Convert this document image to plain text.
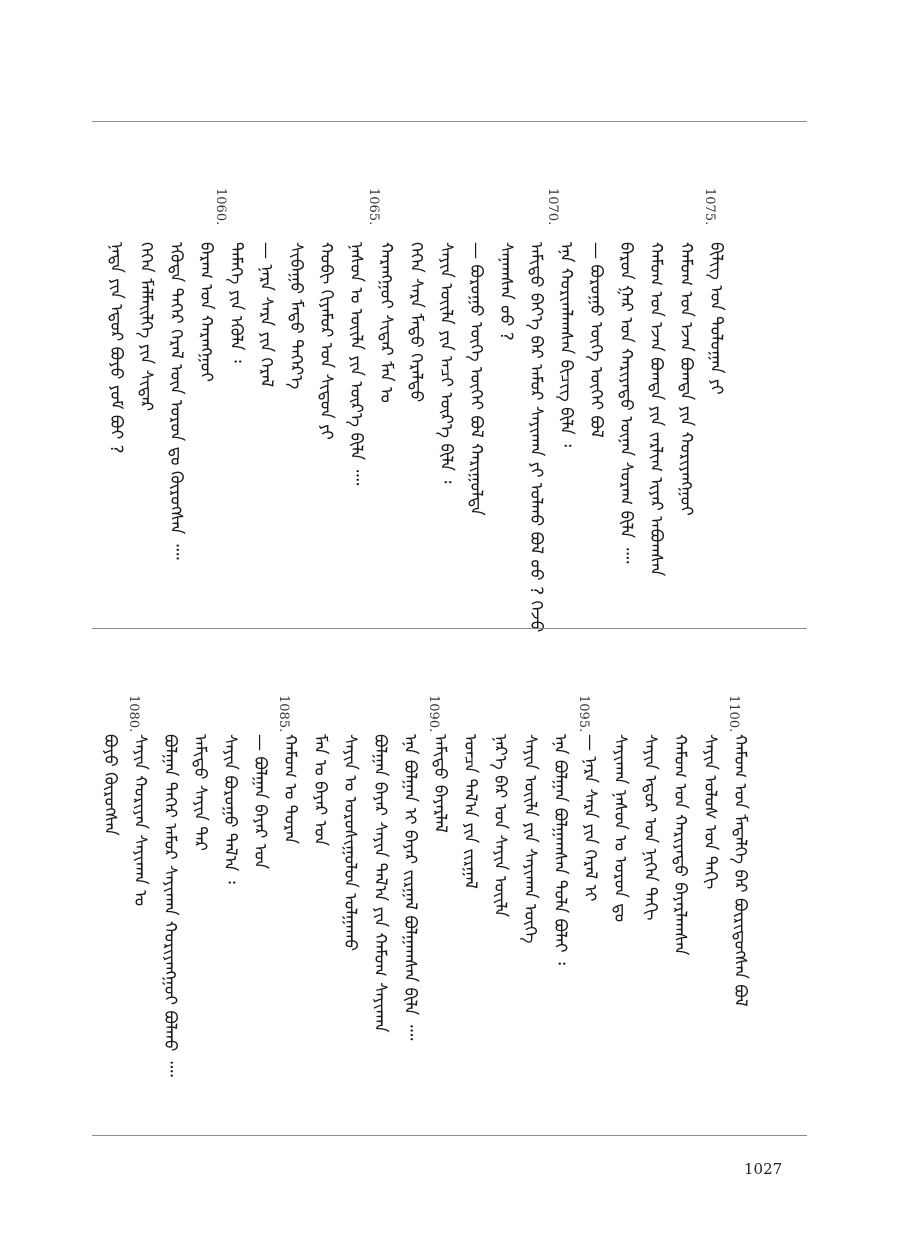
1075.
1070.
1065.
1060.
ᠪᠢᠯᠢᠭ ᠤᠨ ᠳᠣᠯᠣᠭᠠᠨ ᠶᠢ
ᠬᠠᠮᠤᠭ ᠤᠨ ᠡᠵᠡᠨ ᠪᠣᠭᠳᠠ ᠶᠢᠨ ᠬᠤᠷᠢᠶᠠᠩᠭᠤᠢ
ᠬᠠᠮᠤᠭ ᠤᠨ ᠡᠵᠡᠨ ᠪᠣᠭᠳᠠ ᠶᠢᠨ ᠵᠠᠷᠯᠢᠭ ᠢᠶᠠᠷ ᠠᠪᠤᠭᠰᠠᠨ
ᠪᠠᠷᠤᠨ ᠭᠠᠷ ᠤᠨ ᠬᠠᠷᠢᠶᠠᠲᠤ ᠦᠨᠡᠨ ᠰᠤᠷᠠᠭ ᠪᠢᠯᠡ ᠁
— ᠪᠤᠷᠤᠭᠤ ᠦᠭᠡ ᠦᠭᠡᠢ ᠪᠣᠯ
ᠡᠨᠡ ᠬᠣᠷᠢᠭᠯᠠᠭᠰᠠᠨ ᠪᠢᠴᠢᠭ ᠪᠢᠯᠡ ᠄
ᠠᠮᠢᠳᠤ ᠪᠡᠶ᠎ᠡ ᠪᠡᠷ ᠠᠮᠤᠷ ᠰᠠᠶᠢᠬᠠᠨ ᠶᠢ ᠣᠯᠬᠤ ᠪᠣᠯ ᠤᠤ ? ᠭᠡᠵᠦ
ᠰᠠᠨᠠᠭᠰᠠᠨ ᠤᠤ ?
— ᠪᠤᠷᠤᠭᠤ ᠦᠭᠡ ᠦᠭᠡᠢ ᠪᠣᠯ ᠬᠠᠷᠢᠭᠤᠯᠲᠠ
ᠰᠠᠶᠢᠨ ᠦᠢᠯᠡ ᠶᠢᠨ ᠠᠴᠢ ᠦᠷ᠎ᠡ ᠪᠢᠯᠡ ᠄
ᠭᠡᠭᠡᠨ ᠰᠠᠷᠠ ᠮᠡᠲᠦ ᠭᠡᠷᠡᠯᠲᠦ
ᠬᠠᠷᠠᠩᠭᠤᠢ ᠰᠢᠳᠠᠷ ᠮᠠᠨ ᠤ
ᠨᠠᠰᠤᠨ ᠤ ᠦᠢᠯᠡ ᠶᠢᠨ ᠦᠷ᠎ᠡ ᠪᠢᠯᠡ ᠁
ᠬᠤᠪᠢ ᠬᠢᠶᠠᠮᠤᠷ ᠤᠨ ᠰᠢᠳᠦᠨ ᠶᠢ
ᠰᠢᠪᠠᠭᠤ ᠮᠡᠲᠦ ᠳᠡᠭᠡᠷ᠎ᠡ
— ᠨᠠᠷᠠ ᠰᠠᠷᠠ ᠶᠢᠨ ᠭᠡᠷᠡᠯ
ᠲᠡᠮᠡᠭᠡ ᠶᠢᠨ ᠡᠭᠦᠯᠡ ᠄
ᠪᠠᠷᠠᠭ ᠤᠨ ᠬᠠᠷᠠᠩᠭᠤᠢ
ᠡᠭᠦᠳᠡ ᠲᠡᠭᠡᠷ ᠭᠡᠷᠡᠯ ᠦᠨ ᠣᠷᠣᠨ ᠳᠤ ᠬᠦᠷᠦᠭᠰᠡᠨ ᠁
ᠭᠡᠭᠡᠨ ᠮᠡᠯᠮᠡᠢᠯᠭᠡ ᠶᠢᠨ ᠰᠢᠳᠠᠷ
ᠨᠠᠳᠠ ᠶᠢᠨ ᠡᠳᠦᠷ ᠪᠤᠶᠤ ᠶᠤᠮ ᠪᠤᠢ ?
1100.
1095.
1090.
1085.
1080.
ᠬᠠᠮᠤᠭ ᠤᠨ ᠮᠡᠳᠡᠯᠭᠡ ᠪᠠᠷ ᠪᠦᠷᠢᠳᠦᠭᠰᠡᠨ ᠪᠣᠯ
ᠰᠠᠶᠢᠨ ᠤᠯᠤᠰ ᠤᠨ ᠲᠡᠬᠢ
ᠬᠠᠮᠤᠭ ᠤᠨ ᠬᠠᠷᠢᠶᠠᠲᠤ ᠪᠠᠶᠠᠷᠯᠠᠭᠰᠠᠨ
ᠰᠠᠶᠢᠨ ᠡᠳᠦᠷ ᠤᠨ ᠨᠢᠭᠡᠨ ᠲᠡᠬᠢ
ᠰᠠᠶᠢᠬᠠᠨ ᠨᠠᠰᠤᠨ ᠤ ᠣᠷᠣᠨ ᠳᠤ
— ᠨᠠᠷᠠ ᠰᠠᠷᠠ ᠶᠢᠨ ᠭᠡᠷᠡᠯ ᠢ
ᠡᠨᠡ ᠪᠣᠯᠭᠠᠨ ᠪᠣᠯᠭᠠᠭᠰᠠᠨ ᠲᠤᠯᠠ ᠪᠣᠯᠠᠢ ᠄
ᠰᠠᠶᠢᠨ ᠦᠢᠯᠡ ᠶᠢᠨ ᠰᠠᠶᠢᠬᠠᠨ ᠦᠭᠡ
ᠨᠡᠷ᠎ᠡ ᠪᠠᠷ ᠤᠨ ᠰᠠᠶᠢᠨ ᠦᠢᠯᠡ
ᠣᠨᠴᠠ ᠲᠠᠯ᠎ᠠ ᠶᠢᠨ ᠵᠢᠷᠭᠠᠯ
ᠠᠮᠢᠳᠤ ᠪᠠᠶᠠᠷᠯᠠᠯ
ᠡᠨᠡ ᠪᠣᠯᠭᠠᠨ ᠢ ᠪᠠᠶᠠᠷ ᠵᠢᠷᠭᠠᠯ ᠪᠣᠯᠭᠠᠭᠰᠠᠨ ᠪᠢᠯᠡ ᠁
ᠪᠣᠯᠭᠠᠨ ᠪᠠᠶᠠᠷ ᠰᠠᠶᠢᠨ ᠲᠠᠯ᠎ᠠ ᠶᠢᠨ ᠬᠠᠮᠤᠭ ᠰᠠᠶᠢᠬᠠᠨ
ᠰᠠᠶᠢᠨ ᠤ ᠣᠷᠣᠰᠢᠭᠤᠯᠤᠨ ᠣᠯᠭᠠᠬᠤ
ᠮᠠᠨ ᠤ ᠪᠠᠶᠠᠷ ᠤᠨ
ᠬᠠᠮᠤᠭ ᠤ ᠳᠤᠷᠠᠨ
— ᠪᠣᠯᠭᠠᠨ ᠪᠠᠶᠠᠷ ᠤᠨ
ᠰᠠᠶᠢᠨ ᠪᠤᠷᠤᠭᠤ ᠲᠠᠯ᠎ᠠ ᠄
ᠠᠮᠢᠳᠤ ᠰᠠᠶᠢᠨ ᠲᠡᠷ
ᠪᠣᠯᠭᠠᠨ ᠲᠡᠭᠡᠷ ᠠᠮᠤᠷ ᠰᠠᠶᠢᠬᠠᠨ ᠬᠤᠷᠢᠶᠠᠩᠭᠤᠢ ᠪᠣᠯᠬᠤ ᠁
ᠰᠠᠶᠢᠨ ᠬᠣᠷᠢᠶᠠᠨ ᠰᠠᠶᠢᠬᠠᠨ ᠤ
ᠪᠤᠶᠤ ᠬᠦᠷᠦᠭᠰᠡᠨ
1027
